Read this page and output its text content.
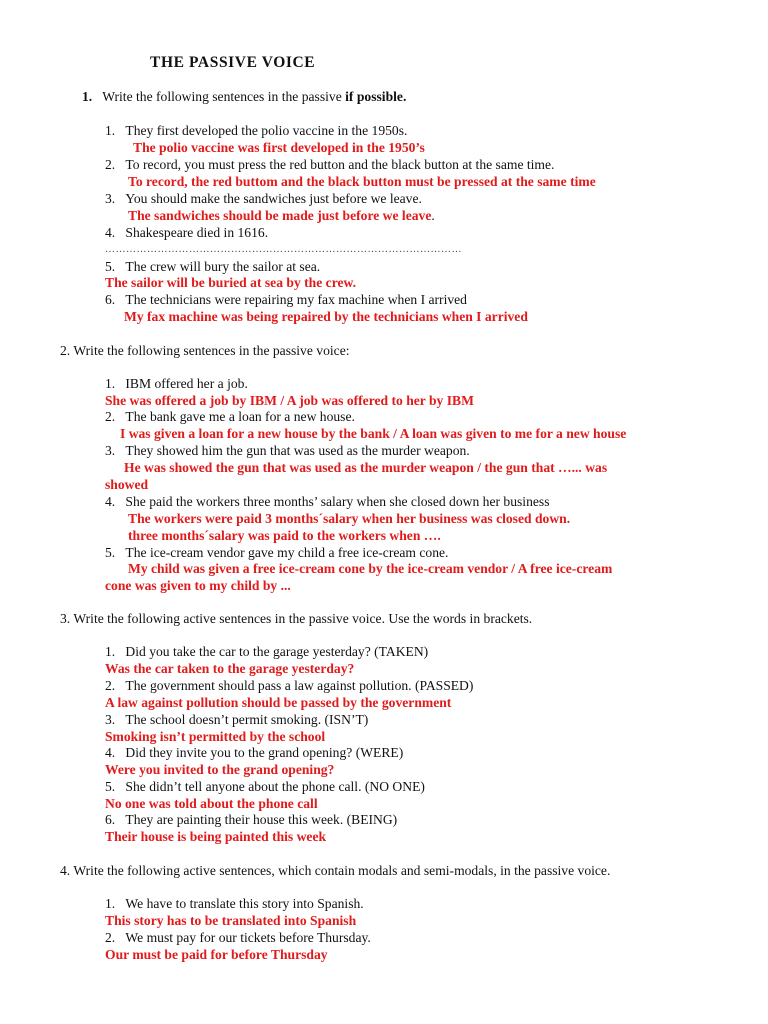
THE PASSIVE VOICE
1. Write the following sentences in the passive if possible.
1. They first developed the polio vaccine in the 1950s.
The polio vaccine was first developed in the 1950’s
2. To record, you must press the red button and the black button at the same time.
To record, the red buttom and the black button must be pressed at the same time
3. You should make the sandwiches just before we leave.
The sandwiches should be made just before we leave.
4. Shakespeare died in 1616.
…………………………………………………………………………………………
5. The crew will bury the sailor at sea.
The sailor will be buried at sea by the crew.
6. The technicians were repairing my fax machine when I arrived
My fax machine was being repaired by the technicians when I arrived
2. Write the following sentences in the passive voice:
1. IBM offered her a job.
She was offered a job by IBM / A job was offered to her by IBM
2. The bank gave me a loan for a new house.
I was given a loan for a new house by the bank / A loan was given to me for a new house
3. They showed him the gun that was used as the murder weapon.
He was showed the gun that was used as the murder weapon / the gun that …... was
showed
4. She paid the workers three months’ salary when she closed down her business
The workers were paid 3 months´salary when her business was closed down.
three months´salary was paid to the workers when ….
5. The ice-cream vendor gave my child a free ice-cream cone.
My child was given a free ice-cream cone by the ice-cream vendor / A free ice-cream
cone was given to my child by ...
3. Write the following active sentences in the passive voice. Use the words in brackets.
1. Did you take the car to the garage yesterday? (TAKEN)
Was the car taken to the garage yesterday?
2. The government should pass a law against pollution. (PASSED)
A law against pollution should be passed by the government
3. The school doesn’t permit smoking. (ISN’T)
Smoking isn’t permitted by the school
4. Did they invite you to the grand opening? (WERE)
Were you invited to the grand opening?
5. She didn’t tell anyone about the phone call. (NO ONE)
No one was told about the phone call
6. They are painting their house this week. (BEING)
Their house is being painted this week
4. Write the following active sentences, which contain modals and semi-modals, in the passive voice.
1. We have to translate this story into Spanish.
This story has to be translated into Spanish
2. We must pay for our tickets before Thursday.
Our must be paid for before Thursday
